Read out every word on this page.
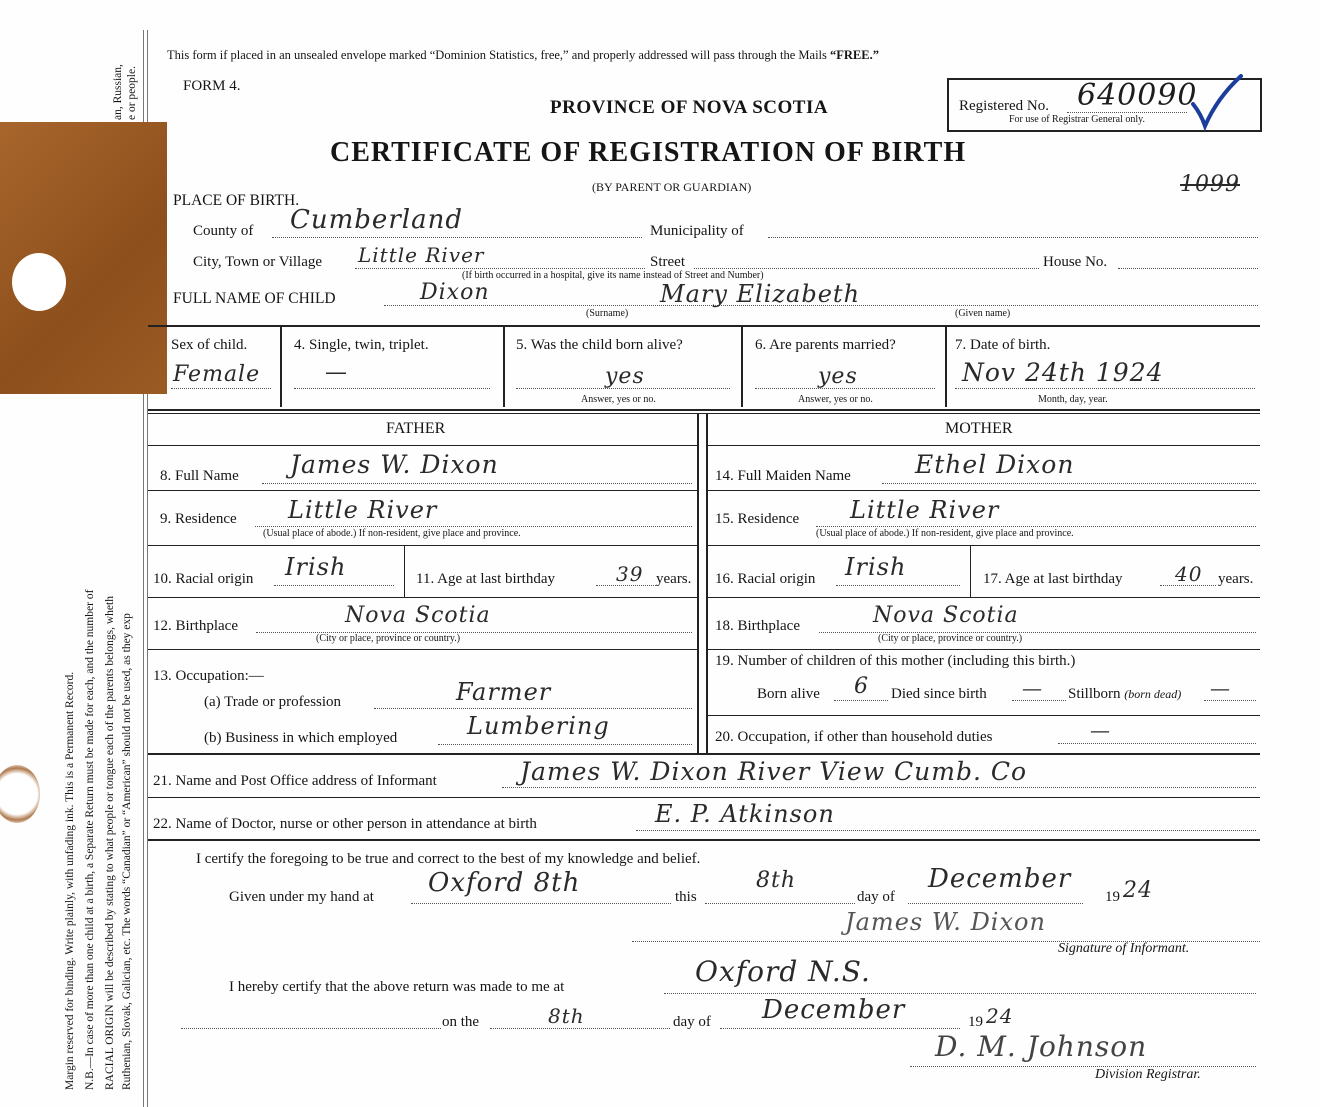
Margin reserved for binding. Write plainly, with unfading ink. This is a Permanent Record. N.B.—In case of more than one child at a birth, a Separate Return must be made for each, and the number of RACIAL ORIGIN will be described by stating to what people or tongue each of the parents belongs, wheth Ruthenian, Slovak, Galician, etc. The words “Canadian” or “American” should not be used, as they exp
an, Russian, e or people.
This form if placed in an unsealed envelope marked “Dominion Statistics, free,” and properly addressed will pass through the Mails “FREE.”
FORM 4.
PROVINCE OF NOVA SCOTIA
CERTIFICATE OF REGISTRATION OF BIRTH
(BY PARENT OR GUARDIAN)
Registered No. 640090
For use of Registrar General only.
1099
PLACE OF BIRTH.
County of Cumberland	Municipality of
City, Town or Village Little River	Street	House No.
(If birth occurred in a hospital, give its name instead of Street and Number)
FULL NAME OF CHILD	Dixon	Mary Elizabeth
(Surname)	(Given name)
Sex of child.
Female
4. Single, twin, triplet.
—
5. Was the child born alive?
yes
Answer, yes or no.
6. Are parents married?
yes
Answer, yes or no.
7. Date of birth.
Nov 24th 1924
Month, day, year.
FATHER	MOTHER
8. Full Name James W. Dixon
9. Residence Little River
(Usual place of abode.) If non-resident, give place and province.
10. Racial origin Irish	11. Age at last birthday	39 years.
12. Birthplace	Nova Scotia
(City or place, province or country.)
13. Occupation:—
(a) Trade or profession	Farmer
(b) Business in which employed	Lumbering
14. Full Maiden Name	Ethel Dixon
15. Residence Little River
(Usual place of abode.) If non-resident, give place and province.
16. Racial origin Irish	17. Age at last birthday	40 years.
18. Birthplace	Nova Scotia
(City or place, province or country.)
19. Number of children of this mother (including this birth.)
Born alive 6 Died since birth — Stillborn (born dead) —
20. Occupation, if other than household duties	—
21. Name and Post Office address of Informant	James W. Dixon River View Cumb. Co
22. Name of Doctor, nurse or other person in attendance at birth	E. P. Atkinson
I certify the foregoing to be true and correct to the best of my knowledge and belief.
Given under my hand at Oxford 8th	this
8th
day of
December
19 24
James W. Dixon
Signature of Informant.
I hereby certify that the above return was made to me at	Oxford N.S.
on the	8th	day of December	19 24
D. M. Johnson
Division Registrar.
